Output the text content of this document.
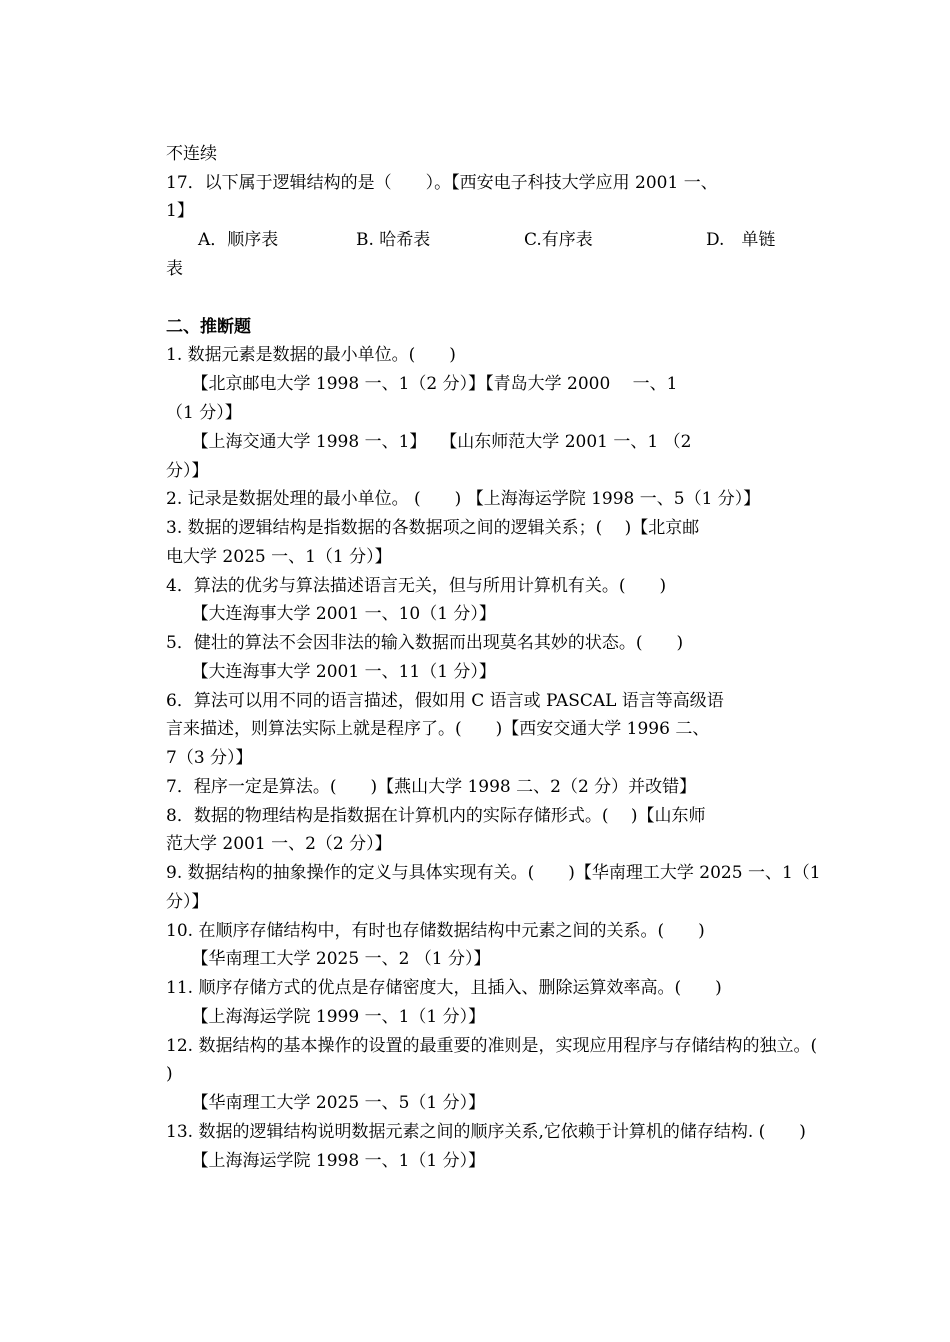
不连续
17．以下属于逻辑结构的是（　　）。【西安电子科技大学应用 2001 一、
1】
A．顺序表	B. 哈希表	C.有序表	D.　单链
表
二、推断题
1. 数据元素是数据的最小单位。(　　)
　　【北京邮电大学 1998 一、1（2 分）】【青岛大学 2000　 一、1
（1 分）】
　　【上海交通大学 1998 一、1】　 【山东师范大学 2001 一、1 （2
分）】
2. 记录是数据处理的最小单位。 (　　) 【上海海运学院 1998 一、5（1 分）】
3. 数据的逻辑结构是指数据的各数据项之间的逻辑关系；(　 )【北京邮
电大学 2025 一、1（1 分）】
4．算法的优劣与算法描述语言无关，但与所用计算机有关。(　　)
　　【大连海事大学 2001 一、10（1 分）】
5．健壮的算法不会因非法的输入数据而出现莫名其妙的状态。(　　)
　　【大连海事大学 2001 一、11（1 分）】
6．算法可以用不同的语言描述，假如用 C 语言或 PASCAL 语言等高级语
言来描述，则算法实际上就是程序了。(　　)【西安交通大学 1996 二、
7（3 分）】
7．程序一定是算法。(　　)【燕山大学 1998 二、2（2 分）并改错】
8．数据的物理结构是指数据在计算机内的实际存储形式。(　 )【山东师
范大学 2001 一、2（2 分）】
9. 数据结构的抽象操作的定义与具体实现有关。(　　)【华南理工大学 2025 一、1（1
分）】
10. 在顺序存储结构中，有时也存储数据结构中元素之间的关系。(　　)
　　【华南理工大学 2025 一、2 （1 分）】
11. 顺序存储方式的优点是存储密度大，且插入、删除运算效率高。(　　)
　　【上海海运学院 1999 一、1（1 分）】
12. 数据结构的基本操作的设置的最重要的准则是，实现应用程序与存储结构的独立。(
)
　　【华南理工大学 2025 一、5（1 分）】
13. 数据的逻辑结构说明数据元素之间的顺序关系,它依赖于计算机的储存结构. (　　)
　　【上海海运学院 1998 一、1（1 分）】
